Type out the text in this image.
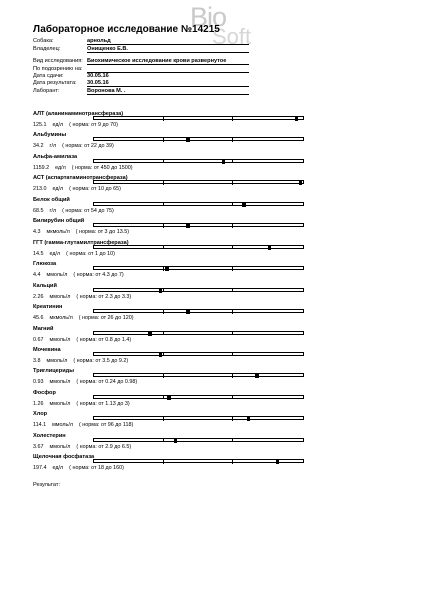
Bio
Soft
Лабораторное исследование №14215
Собака:	арнольд
Владелец:	Онищенко Е.В.
Вид исследования: Биохимическое исследование крови развернутое
По подозрению на:
Дата сдачи:	30.05.16
Дата результата: 30.05.16
Лаборант:	Воронова М. .
АЛТ (аланинаминотрансфераза)
125.1 ед/л ( норма: от 9 до 70)
Альбумины
34.2 г/л ( норма: от 22 до 39)
Альфа-амилаза
1159.2 ед/л ( норма: от 450 до 1500)
АСТ (аспартатаминотрансфераза)
213.0 ед/л ( норма: от 10 до 65)
Белок общий
68.5 г/л ( норма: от 54 до 75)
Билирубин общий
4.3 мкмоль/л ( норма: от 3 до 13.5)
ГГТ (гамма-глутамилтрансфераза)
14.5 ед/л ( норма: от 1 до 10)
Глюкоза
4.4 ммоль/л ( норма: от 4.3 до 7)
Кальций
2.26 ммоль/л ( норма: от 2.3 до 3.3)
Креатинин
45.6 мкмоль/л ( норма: от 26 до 120)
Магний
0.67 ммоль/л ( норма: от 0.8 до 1.4)
Мочевина
3.8 ммоль/л ( норма: от 3.5 до 9.2)
Триглицериды
0.93 ммоль/л ( норма: от 0.24 до 0.98)
Фосфор
1.26 ммоль/л ( норма: от 1.13 до 3)
Хлор
114.1 ммоль/л ( норма: от 96 до 118)
Холестерин
3.67 ммоль/л ( норма: от 2.9 до 6.5)
Щелочная фосфатаза
197.4 ед/л ( норма: от 18 до 160)
Результат:
